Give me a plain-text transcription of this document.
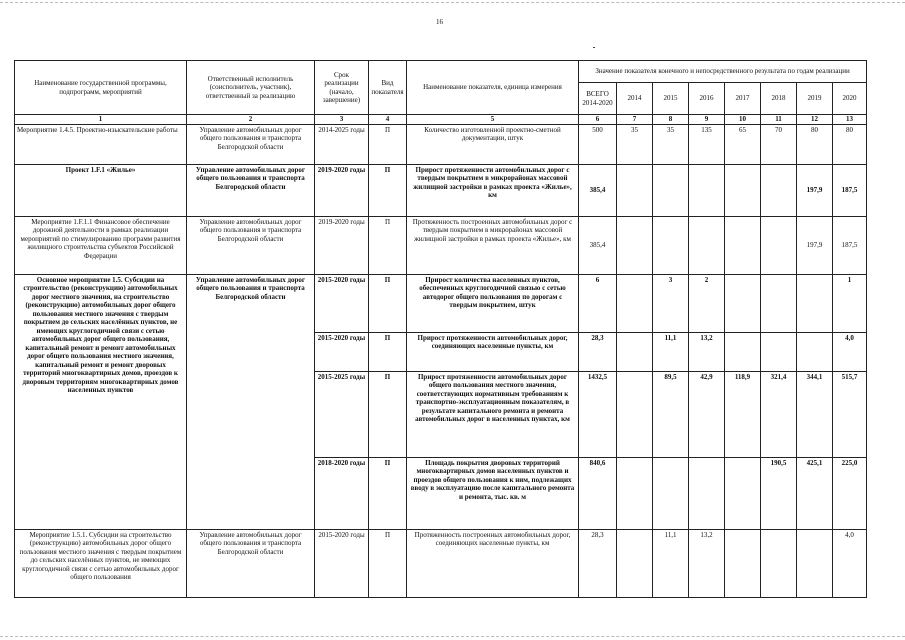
16
Наименование государственной программы, подпрограмм, мероприятий	Ответственный исполнитель (соисполнитель, участник), ответственный за реализацию	Срок реализации (начало, завершение)	Вид показателя	Наименование показателя, единица измерения	Значение показателя конечного и непосредственного результата по годам реализации							
					ВСЕГО 2014-2020	2014	2015	2016	2017	2018	2019	2020
1	2	3	4	5	6	7	8	9	10	11	12	13
Мероприятие 1.4.5. Проектно-изыскательские работы	Управление автомобильных дорог общего пользования и транспорта Белгородской области	2014-2025 годы	П	Количество изготовленной проектно-сметной документации, штук	500	35	35	135	65	70	80	80
Проект 1.F.1 «Жилье»	Управление автомобильных дорог общего пользования и транспорта Белгородской области	2019-2020 годы	П	Прирост протяженности автомобильных дорог с твердым покрытием в микрорайонах массовой жилищной застройки в рамках проекта «Жилье», км	385,4						197,9	187,5
Мероприятие 1.F.1.1 Финансовое обеспечение дорожной деятельности в рамках реализации мероприятий по стимулированию программ развития жилищного строительства субъектов Российской Федерации	Управление автомобильных дорог общего пользования и транспорта Белгородской области	2019-2020 годы	П	Протяженность построенных автомобильных дорог с твердым покрытием в микрорайонах массовой жилищной застройки в рамках проекта «Жилье», км	385,4						197,9	187,5
Основное мероприятие 1.5. Субсидии на строительство (реконструкцию) автомобильных дорог местного значения, на строительство (реконструкцию) автомобильных дорог общего пользования местного значения с твердым покрытием до сельских населённых пунктов, не имеющих круглогодичной связи с сетью автомобильных дорог общего пользования, капитальный ремонт и ремонт автомобильных дорог общего пользования местного значения, капитальный ремонт и ремонт дворовых территорий многоквартирных домов, проездов к дворовым территориям многоквартирных домов населенных пунктов	Управление автомобильных дорог общего пользования и транспорта Белгородской области	2015-2020 годы	П	Прирост количества населенных пунктов, обеспеченных круглогодичной связью с сетью автодорог общего пользования по дорогам с твердым покрытием, штук	6		3	2				1
		2015-2020 годы	П	Прирост протяженности автомобильных дорог, соединяющих населенные пункты, км	28,3		11,1	13,2				4,0
		2015-2025 годы	П	Прирост протяженности автомобильных дорог общего пользования местного значения, соответствующих нормативным требованиям к транспортно-эксплуатационным показателям, в результате капитального ремонта и ремонта автомобильных дорог в населенных пунктах, км	1432,5		89,5	42,9	118,9	321,4	344,1	515,7
		2018-2020 годы	П	Площадь покрытия дворовых территорий многоквартирных домов населенных пунктов и проездов общего пользования к ним, подлежащих вводу в эксплуатацию после капитального ремонта и ремонта, тыс. кв. м	840,6					190,5	425,1	225,0
Мероприятие 1.5.1. Субсидии на строительство (реконструкцию) автомобильных дорог общего пользования местного значения с твердым покрытием до сельских населённых пунктов, не имеющих круглогодичной связи с сетью автомобильных дорог общего пользования	Управление автомобильных дорог общего пользования и транспорта Белгородской области	2015-2020 годы	П	Протяженность построенных автомобильных дорог, соединяющих населенные пункты, км	28,3		11,1	13,2				4,0
